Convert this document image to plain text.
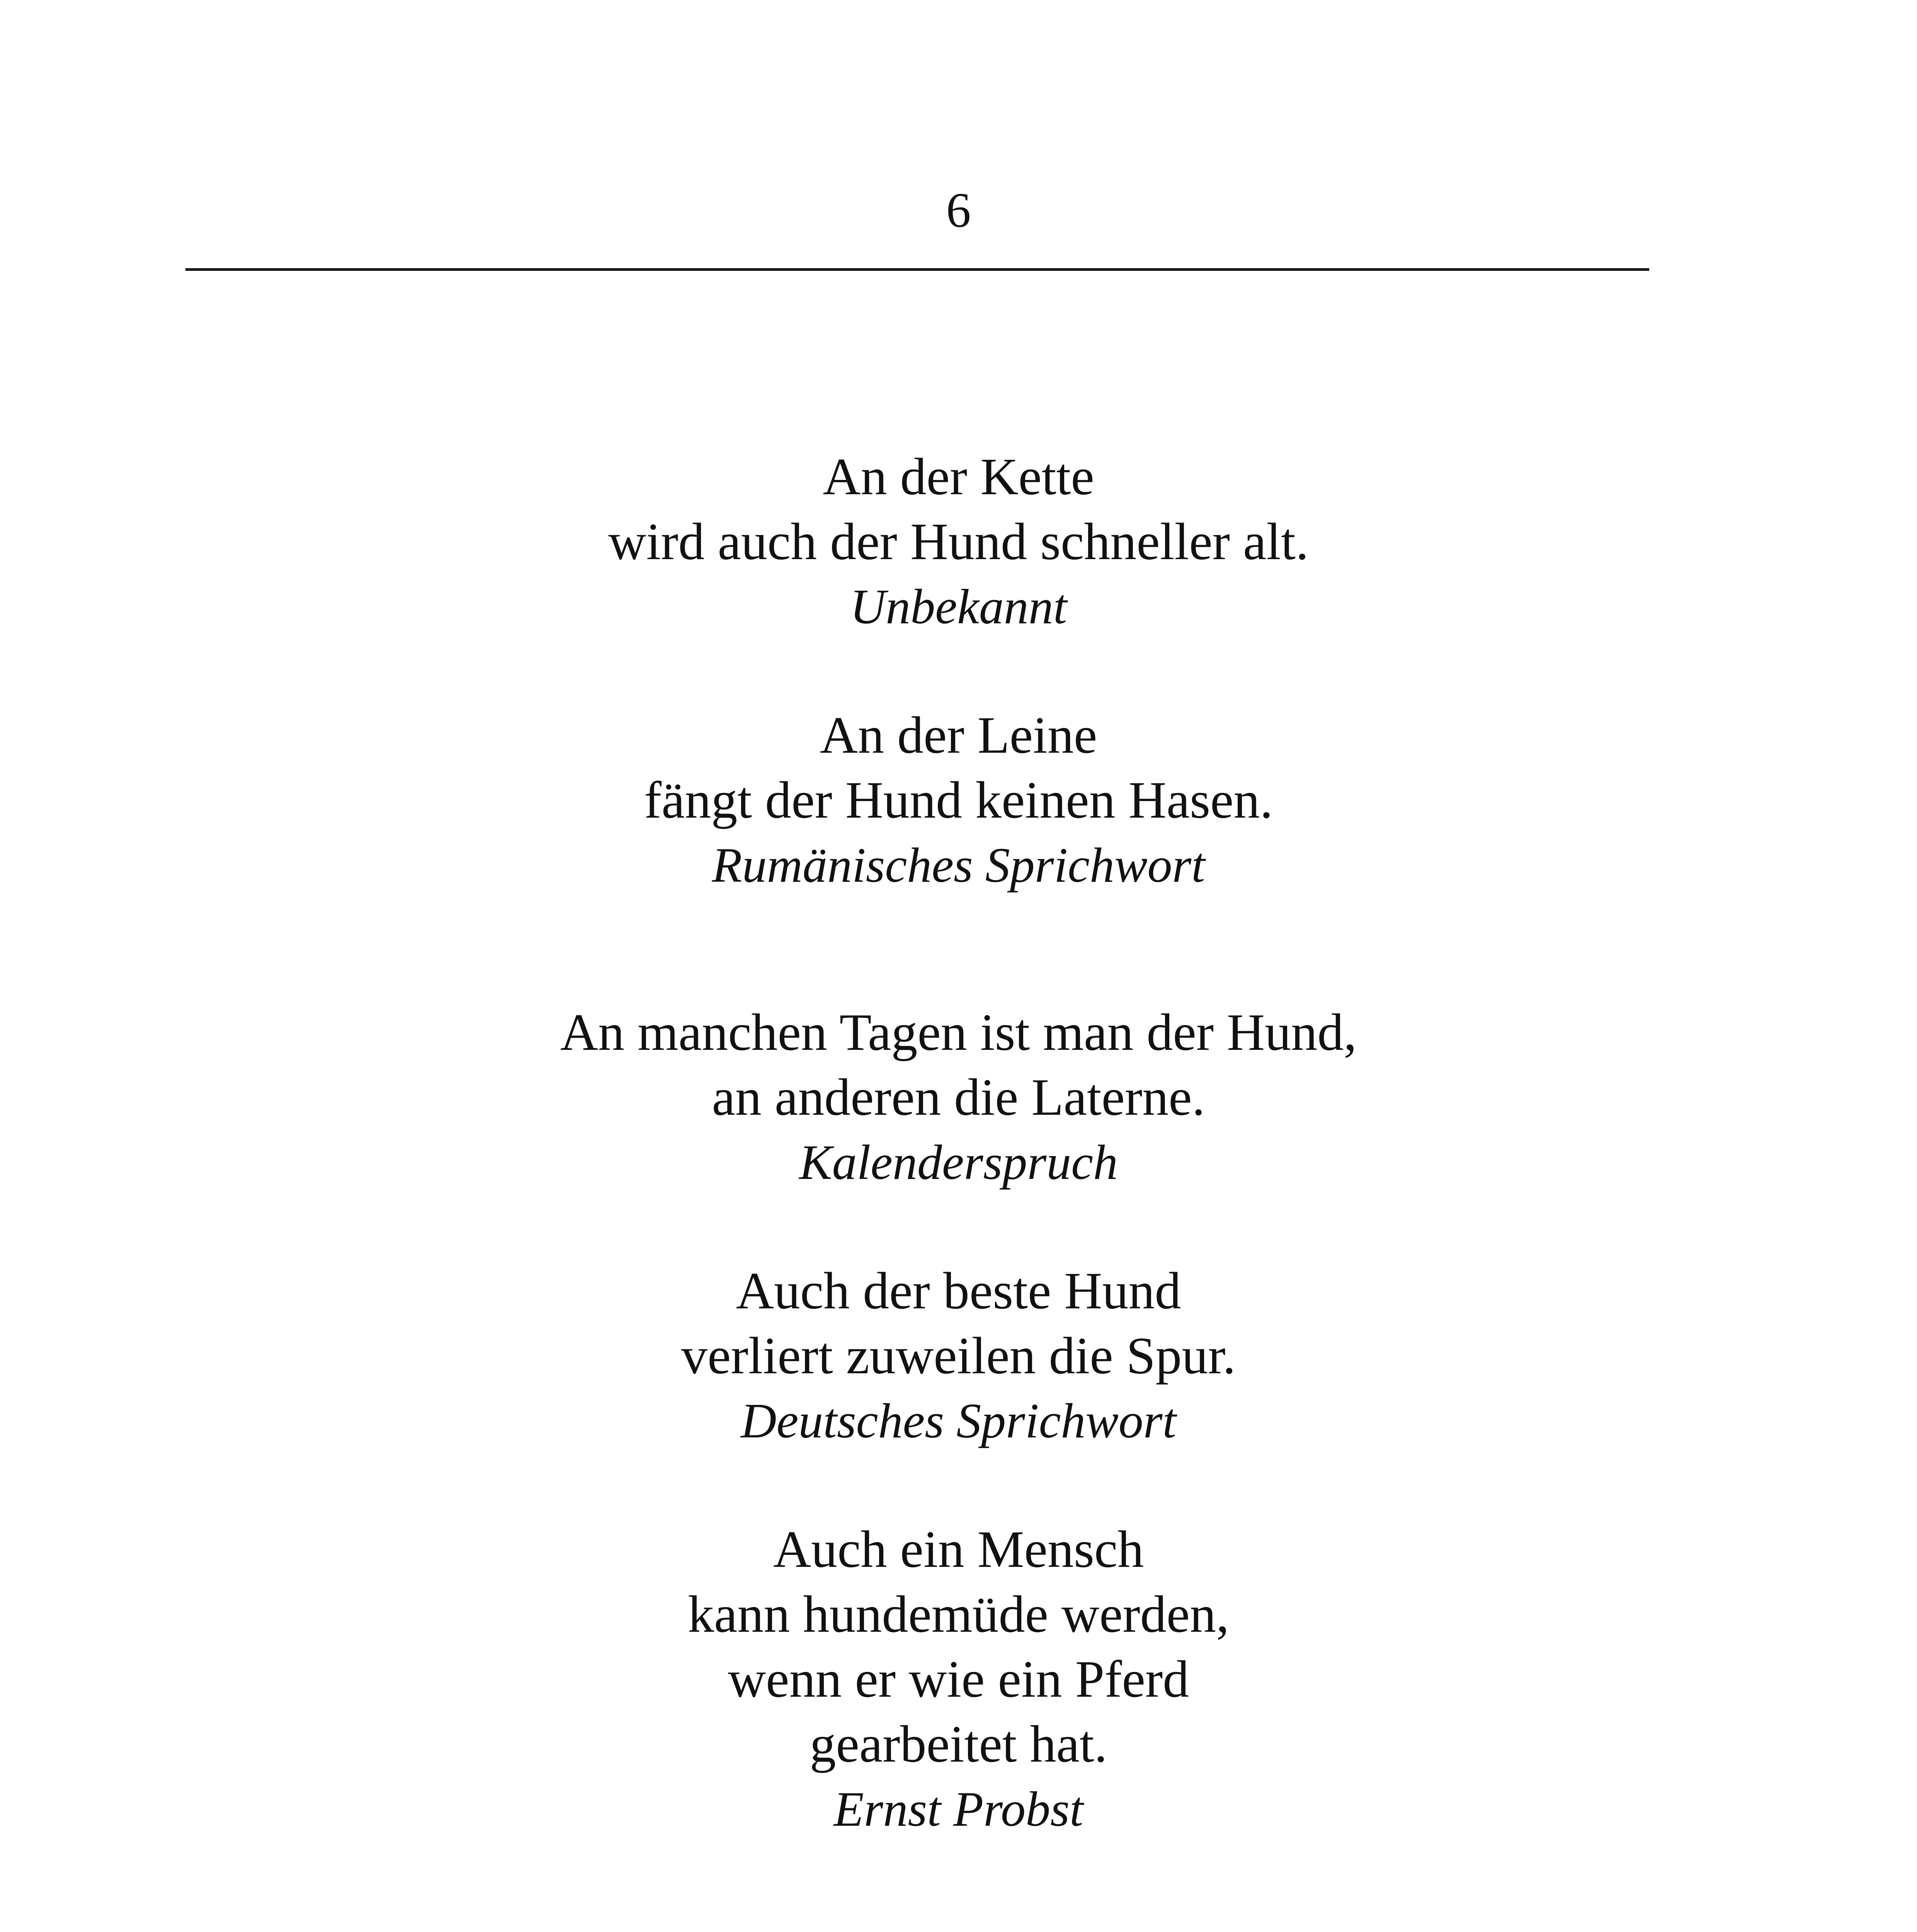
6
An der Kette
wird auch der Hund schneller alt.
Unbekannt
An der Leine
fängt der Hund keinen Hasen.
Rumänisches Sprichwort
An manchen Tagen ist man der Hund,
an anderen die Laterne.
Kalenderspruch
Auch der beste Hund
verliert zuweilen die Spur.
Deutsches Sprichwort
Auch ein Mensch
kann hundemüde werden,
wenn er wie ein Pferd
gearbeitet hat.
Ernst Probst
